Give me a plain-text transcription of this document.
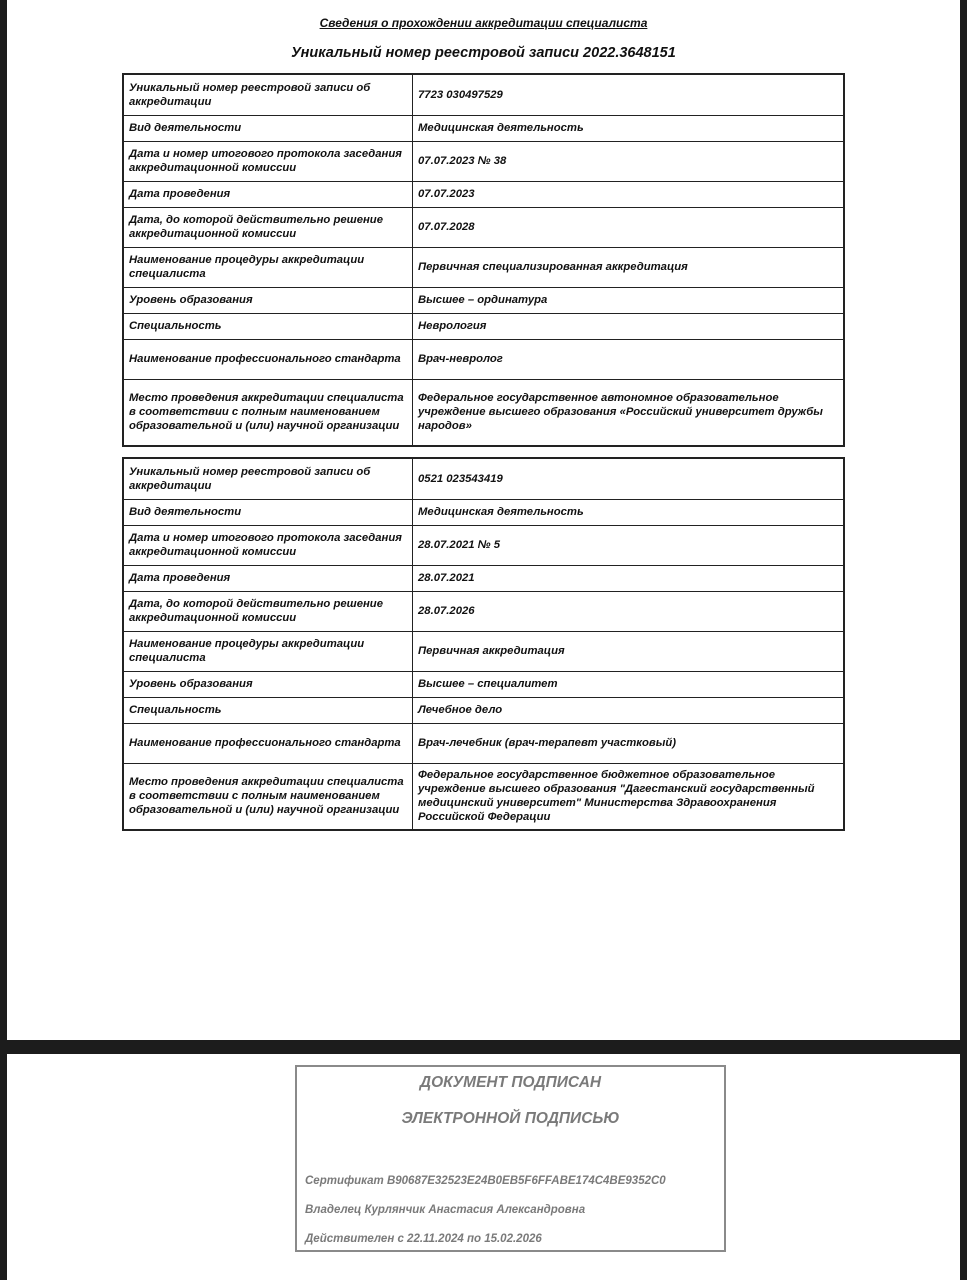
Сведения о прохождении аккредитации специалиста
Уникальный номер реестровой записи 2022.3648151
Уникальный номер реестровой записи об аккредитации	7723 030497529
Вид деятельности	Медицинская деятельность
Дата и номер итогового протокола заседания аккредитационной комиссии	07.07.2023 № 38
Дата проведения	07.07.2023
Дата, до которой действительно решение аккредитационной комиссии	07.07.2028
Наименование процедуры аккредитации специалиста	Первичная специализированная аккредитация
Уровень образования	Высшее – ординатура
Специальность	Неврология
Наименование профессионального стандарта	Врач-невролог
Место проведения аккредитации специалиста в соответствии с полным наименованием образовательной и (или) научной организации	Федеральное государственное автономное образовательное учреждение высшего образования «Российский университет дружбы народов»
Уникальный номер реестровой записи об аккредитации	0521 023543419
Вид деятельности	Медицинская деятельность
Дата и номер итогового протокола заседания аккредитационной комиссии	28.07.2021 № 5
Дата проведения	28.07.2021
Дата, до которой действительно решение аккредитационной комиссии	28.07.2026
Наименование процедуры аккредитации специалиста	Первичная аккредитация
Уровень образования	Высшее – специалитет
Специальность	Лечебное дело
Наименование профессионального стандарта	Врач-лечебник (врач-терапевт участковый)
Место проведения аккредитации специалиста в соответствии с полным наименованием образовательной и (или) научной организации	Федеральное государственное бюджетное образовательное учреждение высшего образования "Дагестанский государственный медицинский университет" Министерства Здравоохранения Российской Федерации
ДОКУМЕНТ ПОДПИСАН
ЭЛЕКТРОННОЙ ПОДПИСЬЮ
Сертификат B90687E32523E24B0EB5F6FFABE174C4BE9352C0
Владелец Курлянчик Анастасия Александровна
Действителен с 22.11.2024 по 15.02.2026
